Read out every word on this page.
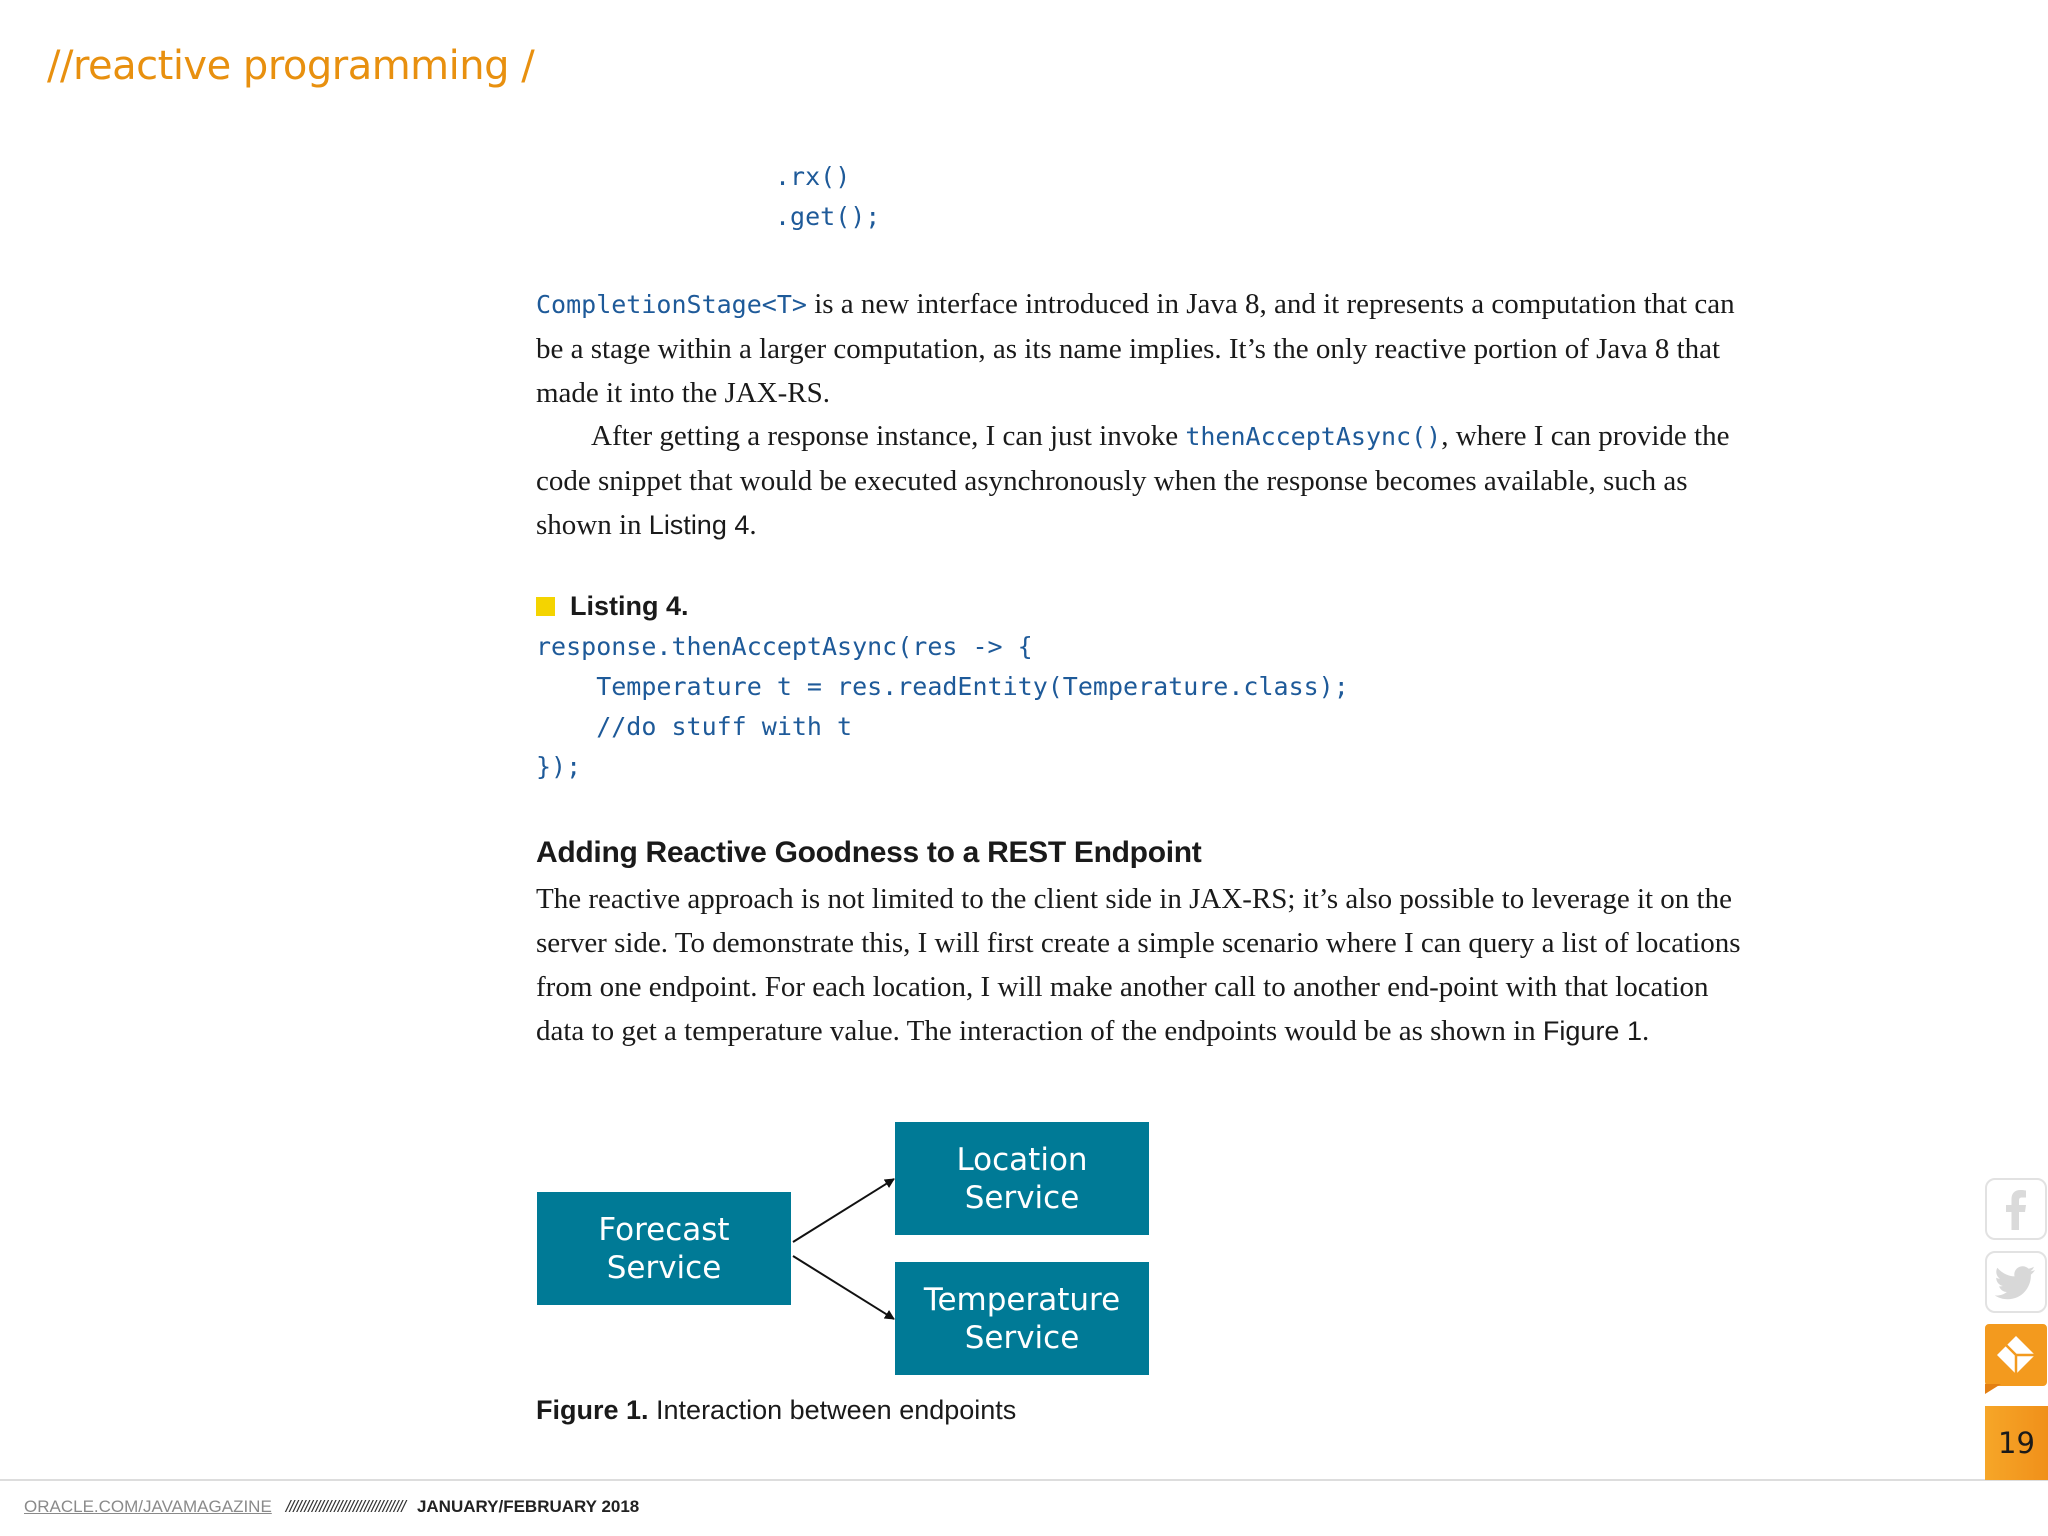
//reactive programming /
.rx()
.get();
CompletionStage<T> is a new interface introduced in Java 8, and it represents a computation that can be a stage within a larger computation, as its name implies. It’s the only reactive portion of Java 8 that made it into the JAX-RS.
After getting a response instance, I can just invoke thenAcceptAsync(), where I can provide the code snippet that would be executed asynchronously when the response becomes available, such as shown in Listing 4.
Listing 4.
response.thenAcceptAsync(res -> {
Temperature t = res.readEntity(Temperature.class);
//do stuff with t
});
Adding Reactive Goodness to a REST Endpoint
The reactive approach is not limited to the client side in JAX-RS; it’s also possible to leverage it on the server side. To demonstrate this, I will first create a simple scenario where I can query a list of locations from one endpoint. For each location, I will make another call to another end-point with that location data to get a temperature value. The interaction of the endpoints would be as shown in Figure 1.
Forecast
Service
Location
Service
Temperature
Service
Figure 1. Interaction between endpoints
ORACLE.COM/JAVAMAGAZINE //////////////////////////////// JANUARY/FEBRUARY 2018
19
